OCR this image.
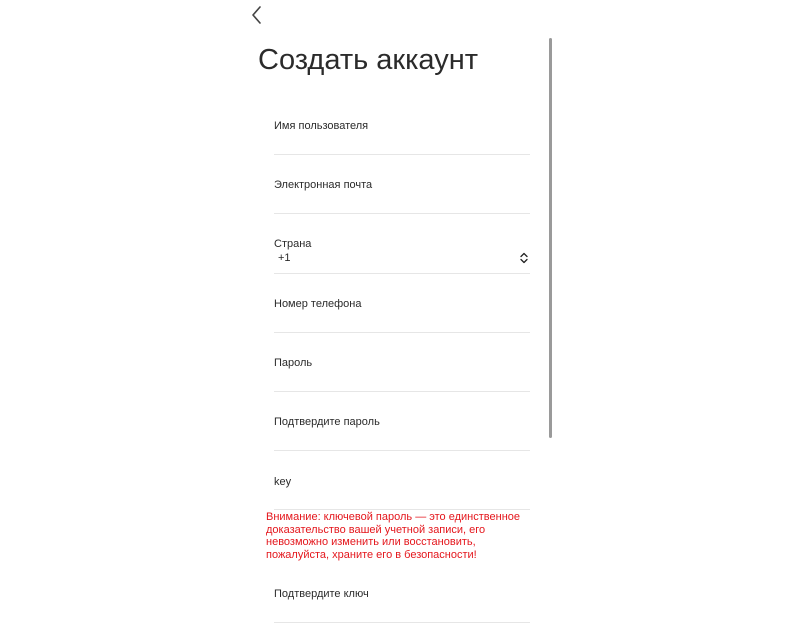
Создать аккаунт
Имя пользователя
Электронная почта
Страна
+1
Номер телефона
Пароль
Подтвердите пароль
key

Внимание: ключевой пароль — это единственное доказательство вашей учетной записи, его невозможно изменить или восстановить, пожалуйста, храните его в безопасности!

Подтвердите ключ
